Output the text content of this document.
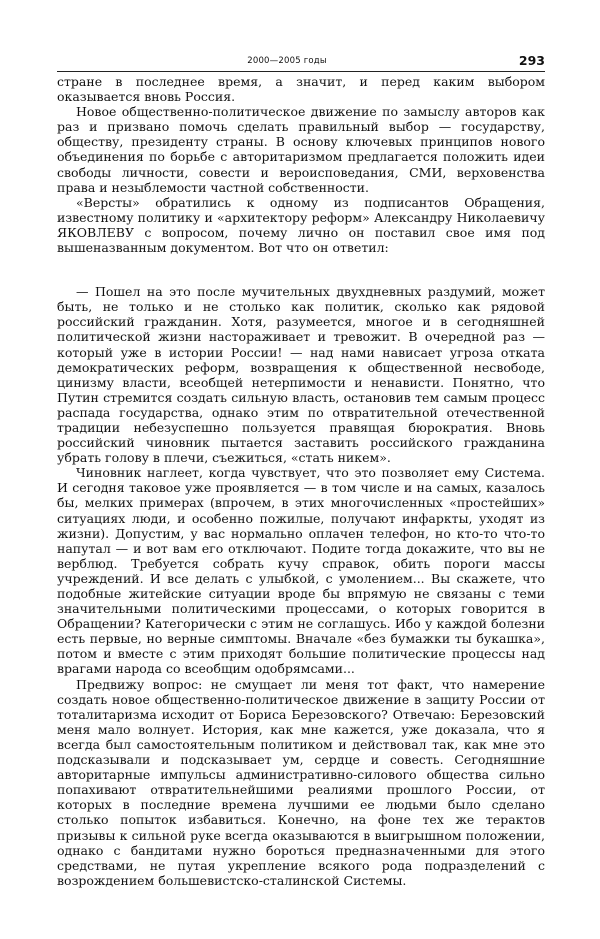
2000—2005 годы	293

стране в последнее время, а значит, и перед каким выбором оказывается вновь Россия.

Новое общественно-политическое движение по замыслу авторов как раз и призвано помочь сделать правильный выбор — государству, обществу, президенту страны. В основу ключевых принципов нового объединения по борьбе с авторитаризмом предлагается положить идеи свободы личности, совести и вероисповедания, СМИ, верховенства права и незыблемости частной собственности.

«Версты» обратились к одному из подписантов Обращения, известному политику и «архитектору реформ» Александру Николаевичу ЯКОВЛЕВУ с вопросом, почему лично он поставил свое имя под вышеназванным документом. Вот что он ответил:

— Пошел на это после мучительных двухдневных раздумий, может быть, не только и не столько как политик, сколько как рядовой российский гражданин. Хотя, разумеется, многое и в сегодняшней политической жизни настораживает и тревожит. В очередной раз — который уже в истории России! — над нами нависает угроза отката демократических реформ, возвращения к общественной несвободе, цинизму власти, всеобщей нетерпимости и ненависти. Понятно, что Путин стремится создать сильную власть, остановив тем самым процесс распада государства, однако этим по отвратительной отечественной традиции небезуспешно пользуется правящая бюрократия. Вновь российский чиновник пытается заставить российского гражданина убрать голову в плечи, съежиться, «стать никем».

Чиновник наглеет, когда чувствует, что это позволяет ему Система. И сегодня таковое уже проявляется — в том числе и на самых, казалось бы, мелких примерах (впрочем, в этих многочисленных «простейших» ситуациях люди, и особенно пожилые, получают инфаркты, уходят из жизни). Допустим, у вас нормально оплачен телефон, но кто-то что-то напутал — и вот вам его отключают. Подите тогда докажите, что вы не верблюд. Требуется собрать кучу справок, обить пороги массы учреждений. И все делать с улыбкой, с умолением... Вы скажете, что подобные житейские ситуации вроде бы впрямую не связаны с теми значительными политическими процессами, о которых говорится в Обращении? Категорически с этим не соглашусь. Ибо у каждой болезни есть первые, но верные симптомы. Вначале «без бумажки ты букашка», потом и вместе с этим приходят большие политические процессы над врагами народа со всеобщим одобрямсами...

Предвижу вопрос: не смущает ли меня тот факт, что намерение создать новое общественно-политическое движение в защиту России от тоталитаризма исходит от Бориса Березовского? Отвечаю: Березовский меня мало волнует. История, как мне кажется, уже доказала, что я всегда был самостоятельным политиком и действовал так, как мне это подсказывали и подсказывает ум, сердце и совесть. Сегодняшние авторитарные импульсы административно-силового общества сильно попахивают отвратительнейшими реалиями прошлого России, от которых в последние времена лучшими ее людьми было сделано столько попыток избавиться. Конечно, на фоне тех же терактов призывы к сильной руке всегда оказываются в выигрышном положении, однако с бандитами нужно бороться предназначенными для этого средствами, не путая укрепление всякого рода подразделений с возрождением большевистско-сталинской Системы.
